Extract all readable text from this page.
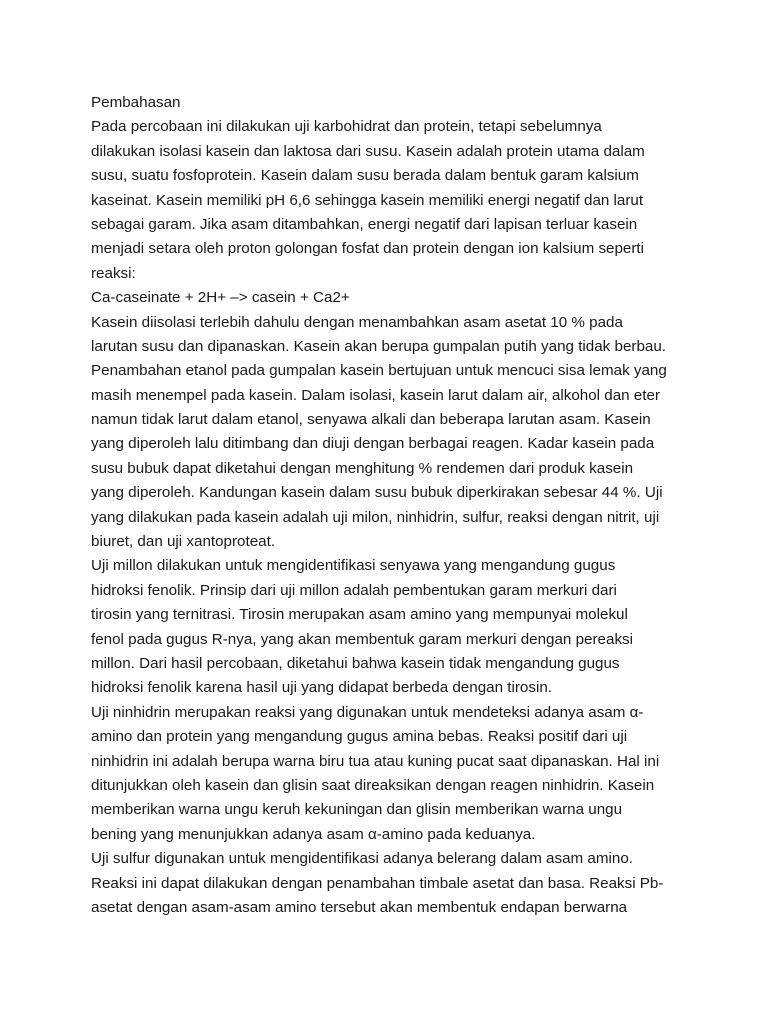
Pembahasan
Pada percobaan ini dilakukan uji karbohidrat dan protein, tetapi sebelumnya
dilakukan isolasi kasein dan laktosa dari susu. Kasein adalah protein utama dalam
susu, suatu fosfoprotein. Kasein dalam susu berada dalam bentuk garam kalsium
kaseinat. Kasein memiliki pH 6,6 sehingga kasein memiliki energi negatif dan larut
sebagai garam. Jika asam ditambahkan, energi negatif dari lapisan terluar kasein
menjadi setara oleh proton golongan fosfat dan protein dengan ion kalsium seperti
reaksi:
Ca-caseinate + 2H+ –> casein + Ca2+
Kasein diisolasi terlebih dahulu dengan menambahkan asam asetat 10 % pada
larutan susu dan dipanaskan. Kasein akan berupa gumpalan putih yang tidak berbau.
Penambahan etanol pada gumpalan kasein bertujuan untuk mencuci sisa lemak yang
masih menempel pada kasein. Dalam isolasi, kasein larut dalam air, alkohol dan eter
namun tidak larut dalam etanol, senyawa alkali dan beberapa larutan asam. Kasein
yang diperoleh lalu ditimbang dan diuji dengan berbagai reagen. Kadar kasein pada
susu bubuk dapat diketahui dengan menghitung % rendemen dari produk kasein
yang diperoleh. Kandungan kasein dalam susu bubuk diperkirakan sebesar 44 %. Uji
yang dilakukan pada kasein adalah uji milon, ninhidrin, sulfur, reaksi dengan nitrit, uji
biuret, dan uji xantoproteat.
Uji millon dilakukan untuk mengidentifikasi senyawa yang mengandung gugus
hidroksi fenolik. Prinsip dari uji millon adalah pembentukan garam merkuri dari
tirosin yang ternitrasi. Tirosin merupakan asam amino yang mempunyai molekul
fenol pada gugus R-nya, yang akan membentuk garam merkuri dengan pereaksi
millon. Dari hasil percobaan, diketahui bahwa kasein tidak mengandung gugus
hidroksi fenolik karena hasil uji yang didapat berbeda dengan tirosin.
Uji ninhidrin merupakan reaksi yang digunakan untuk mendeteksi adanya asam α-
amino dan protein yang mengandung gugus amina bebas. Reaksi positif dari uji
ninhidrin ini adalah berupa warna biru tua atau kuning pucat saat dipanaskan. Hal ini
ditunjukkan oleh kasein dan glisin saat direaksikan dengan reagen ninhidrin. Kasein
memberikan warna ungu keruh kekuningan dan glisin memberikan warna ungu
bening yang menunjukkan adanya asam α-amino pada keduanya.
Uji sulfur digunakan untuk mengidentifikasi adanya belerang dalam asam amino.
Reaksi ini dapat dilakukan dengan penambahan timbale asetat dan basa. Reaksi Pb-
asetat dengan asam-asam amino tersebut akan membentuk endapan berwarna
